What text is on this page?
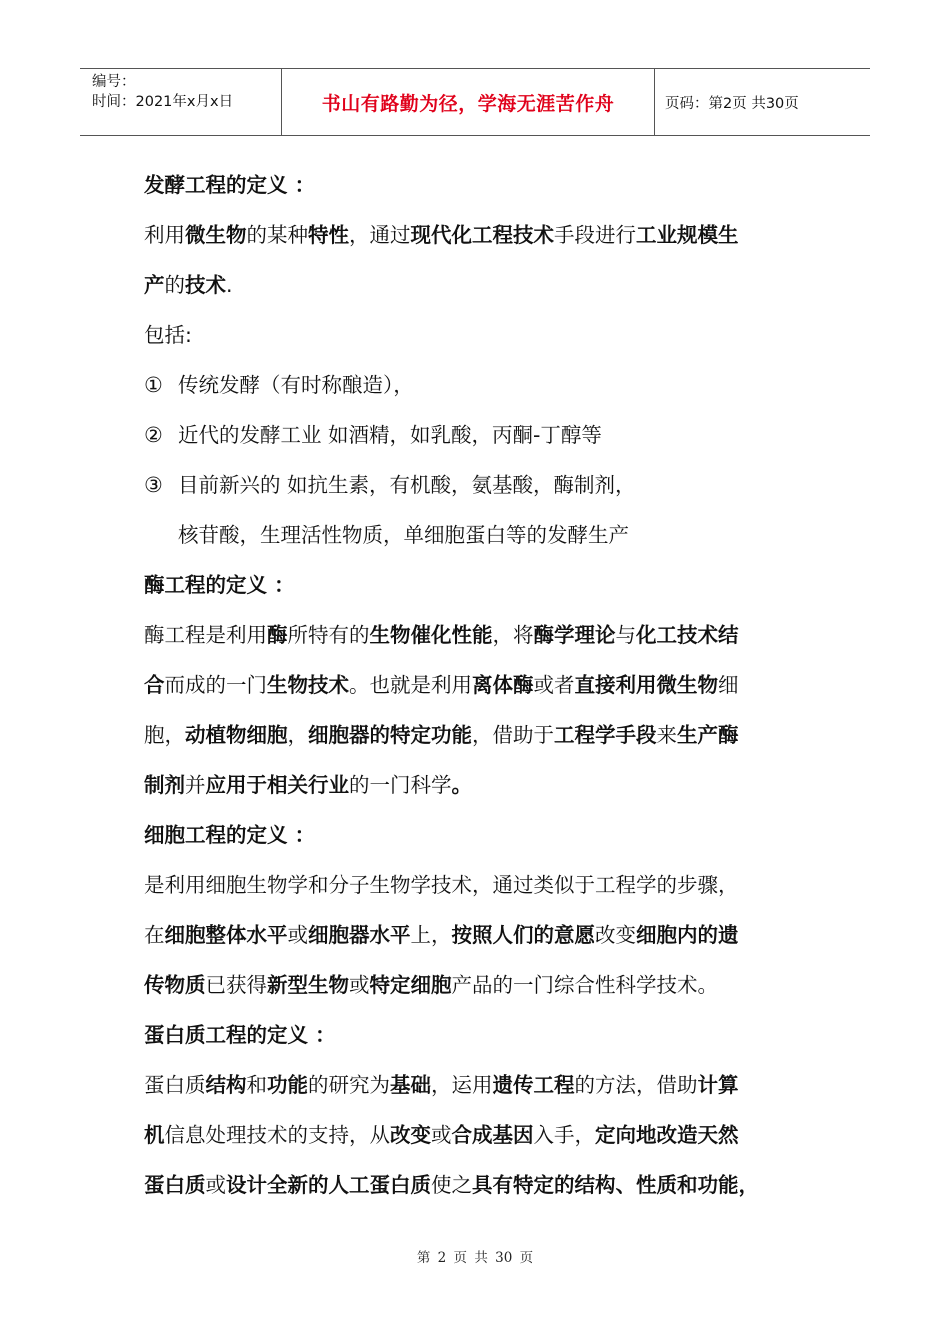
编号：
时间：2021年x月x日	书山有路勤为径，学海无涯苦作舟	页码：第2页 共30页
发酵工程的定义 ：
利用微生物的某种特性，通过现代化工程技术手段进行工业规模生
产的技术.
包括:
① 传统发酵（有时称酿造），
② 近代的发酵工业 如酒精，如乳酸，丙酮-丁醇等
③ 目前新兴的 如抗生素，有机酸，氨基酸，酶制剂，
核苷酸，生理活性物质，单细胞蛋白等的发酵生产
酶工程的定义 ：
酶工程是利用酶所特有的生物催化性能，将酶学理论与化工技术结
合而成的一门生物技术。也就是利用离体酶或者直接利用微生物细
胞，动植物细胞，细胞器的特定功能，借助于工程学手段来生产酶
制剂并应用于相关行业的一门科学。
细胞工程的定义 ：
是利用细胞生物学和分子生物学技术，通过类似于工程学的步骤，
在细胞整体水平或细胞器水平上，按照人们的意愿改变细胞内的遗
传物质已获得新型生物或特定细胞产品的一门综合性科学技术。
蛋白质工程的定义 ：
蛋白质结构和功能的研究为基础，运用遗传工程的方法，借助计算
机信息处理技术的支持，从改变或合成基因入手，定向地改造天然
蛋白质或设计全新的人工蛋白质使之具有特定的结构、性质和功能，
第 2 页 共 30 页
